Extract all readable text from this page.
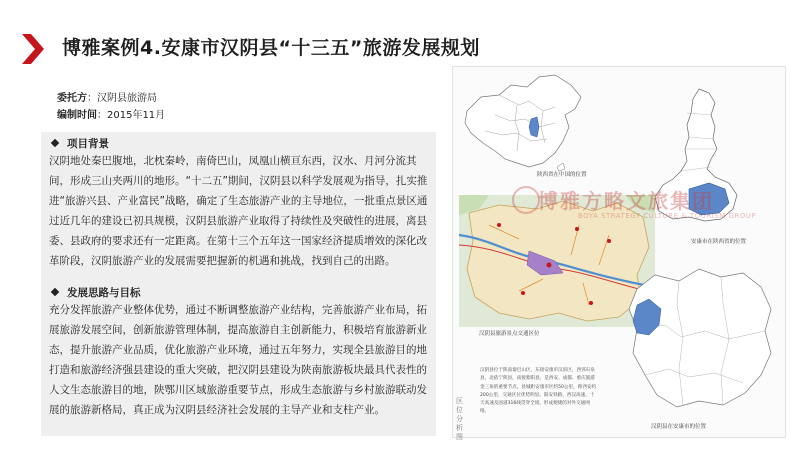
博雅案例4.安康市汉阴县“十三五”旅游发展规划
委托方：汉阴县旅游局
编制时间：2015年11月
项目背景
汉阴地处秦巴腹地，北枕秦岭，南倚巴山，凤凰山横亘东西，汉水、月河分流其间，形成三山夹两川的地形。“十二五”期间，汉阴县以科学发展观为指导，扎实推进“旅游兴县、产业富民”战略，确定了生态旅游产业的主导地位，一批重点景区通过近几年的建设已初具规模，汉阴县旅游产业取得了持续性及突破性的进展，离县委、县政府的要求还有一定距离。在第十三个五年这一国家经济提质增效的深化改革阶段，汉阴旅游产业的发展需要把握新的机遇和挑战，找到自己的出路。
发展思路与目标
充分发挥旅游产业整体优势，通过不断调整旅游产业结构，完善旅游产业布局，拓展旅游发展空间，创新旅游管理体制，提高旅游自主创新能力，积极培育旅游新业态，提升旅游产业品质，优化旅游产业环境，通过五年努力，实现全县旅游目的地打造和旅游经济强县建设的重大突破，把汉阴县建设为陕南旅游板块最具代表性的人文生态旅游目的地，陕鄂川区域旅游重要节点，形成生态旅游与乡村旅游联动发展的旅游新格局，真正成为汉阴县经济社会发展的主导产业和支柱产业。
陕西省在中国的位置
安康市在陕西省的位置
汉阴县旅游景点交通区位
汉阴县在安康市的位置
汉阴县位于陕南秦巴山区，东接安康市汉滨区，西邻石泉县，北依宁陕县，南接紫阳县，是西安、成都、重庆旅游金三角的重要节点。县城距安康市区约50公里，距西安约200公里，交通区位优势明显。阳安铁路、西汉高速、十天高速及国道316线贯穿全境，形成便捷的对外交通网络。
区位分析图
博雅方略文旅集团
BOYA STRATEGY CULTURE & TOURISM GROUP
